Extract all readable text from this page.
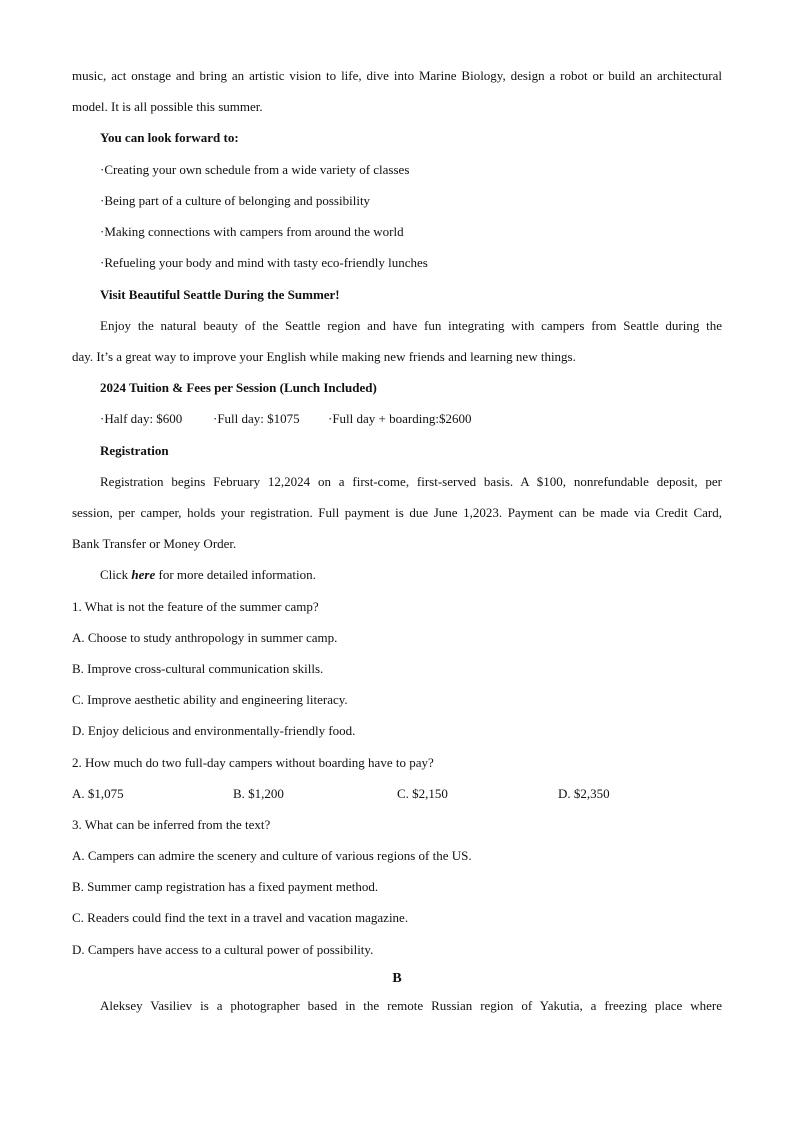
music, act onstage and bring an artistic vision to life, dive into Marine Biology, design a robot or build an architectural
model. It is all possible this summer.
You can look forward to:
·Creating your own schedule from a wide variety of classes
·Being part of a culture of belonging and possibility
·Making connections with campers from around the world
·Refueling your body and mind with tasty eco-friendly lunches
Visit Beautiful Seattle During the Summer!
Enjoy the natural beauty of the Seattle region and have fun integrating with campers from Seattle during the
day. It’s a great way to improve your English while making new friends and learning new things.
2024 Tuition & Fees per Session (Lunch Included)
·Half day: $600 ·Full day: $1075 ·Full day + boarding:$2600
Registration
Registration begins February 12,2024 on a first-come, first-served basis. A $100, nonrefundable deposit, per
session, per camper, holds your registration. Full payment is due June 1,2023. Payment can be made via Credit Card,
Bank Transfer or Money Order.
Click here for more detailed information.
1. What is not the feature of the summer camp?
A. Choose to study anthropology in summer camp.
B. Improve cross-cultural communication skills.
C. Improve aesthetic ability and engineering literacy.
D. Enjoy delicious and environmentally-friendly food.
2. How much do two full-day campers without boarding have to pay?
A. $1,075	B. $1,200	C. $2,150	D. $2,350
3. What can be inferred from the text?
A. Campers can admire the scenery and culture of various regions of the US.
B. Summer camp registration has a fixed payment method.
C. Readers could find the text in a travel and vacation magazine.
D. Campers have access to a cultural power of possibility.
B
Aleksey Vasiliev is a photographer based in the remote Russian region of Yakutia, a freezing place where
